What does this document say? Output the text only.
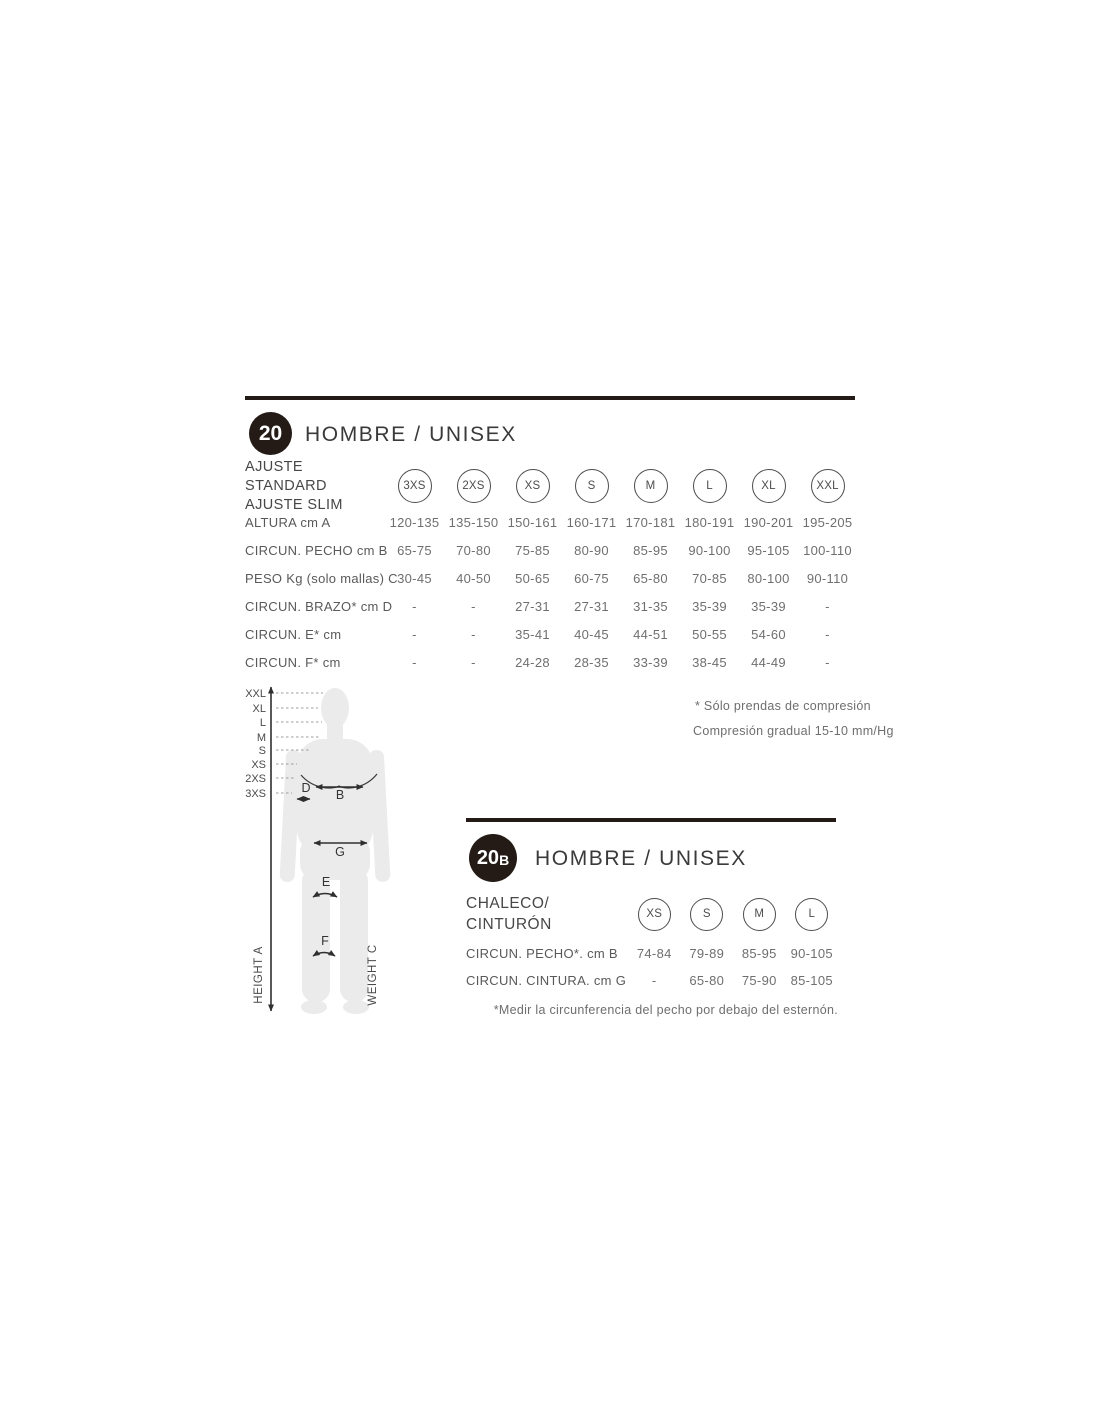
20 HOMBRE / UNISEX
AJUSTE STANDARD
AJUSTE SLIM
3XS	2XS	XS	S	M	L	XL	XXL
ALTURA cm A	120-135 135-150 150-161 160-171 170-181 180-191 190-201 195-205
CIRCUN. PECHO cm B 65-75	70-80	75-85	80-90	85-95	90-100	95-105	100-110
PESO Kg (solo mallas) C 30-45	40-50	50-65	60-75	65-80	70-85	80-100	90-110
CIRCUN. BRAZO* cm D	-	-	27-31	27-31	31-35	35-39	35-39	-
CIRCUN. E* cm	-	-	35-41	40-45	44-51	50-55	54-60	-
CIRCUN. F* cm	-	-	24-28	28-35	33-39	38-45	44-49	-
* Sólo prendas de compresión
Compresión gradual 15-10 mm/Hg
XXL
XL
L
M
S
XS
2XS
3XS	B
D
G
E
F
HEIGHT A	WEIGHT C
20 B HOMBRE / UNISEX
CHALECO/
CINTURÓN
XS	S	M	L
CIRCUN. PECHO*. cm B	74-84	79-89	85-95	90-105
CIRCUN. CINTURA. cm G	-	65-80	75-90	85-105
*Medir la circunferencia del pecho por debajo del esternón.
